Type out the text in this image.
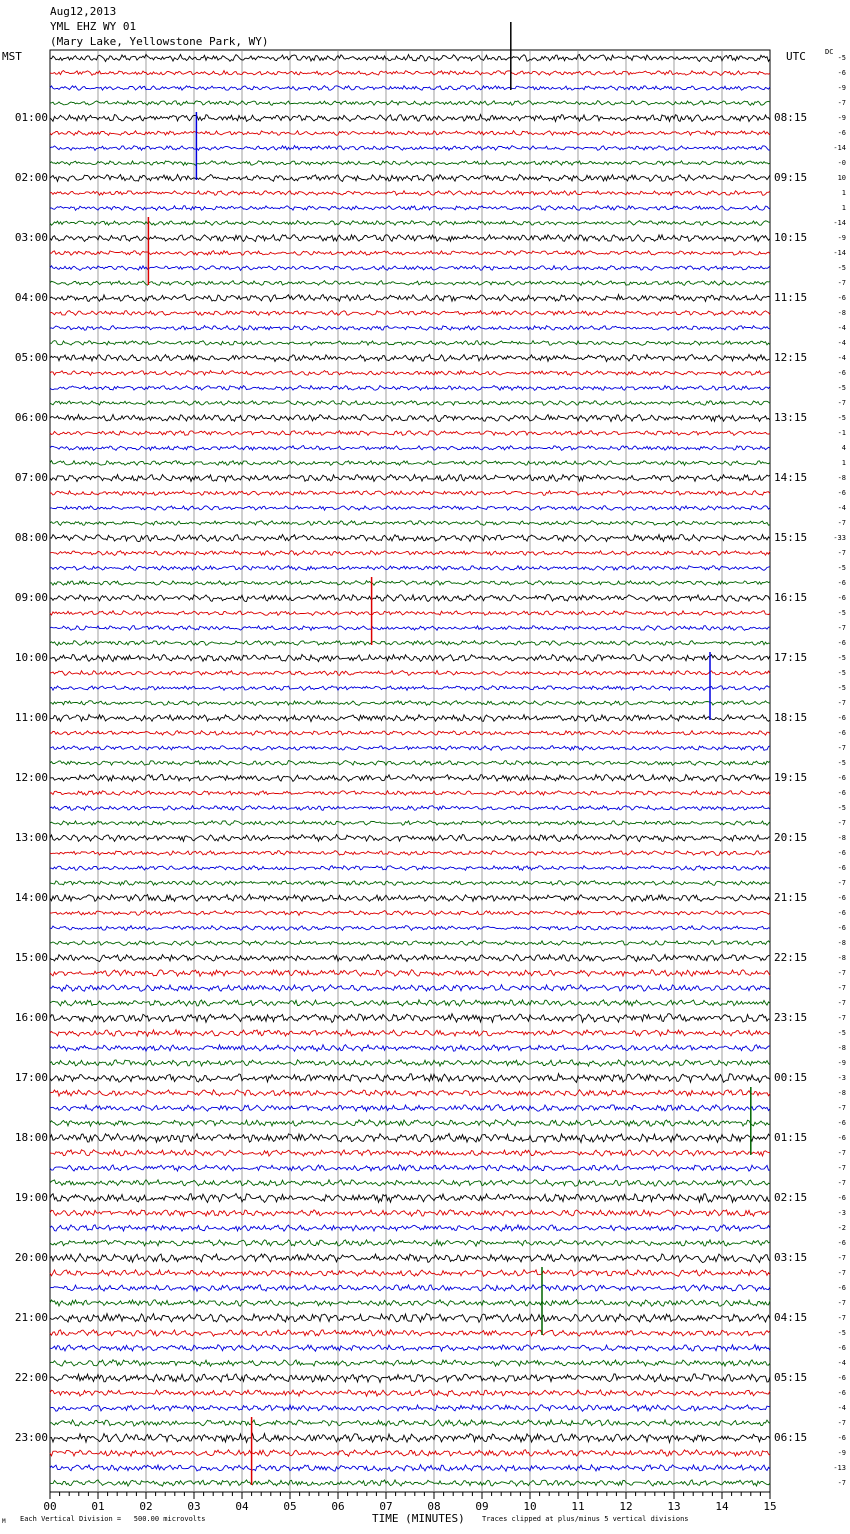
Aug12,2013
YML EHZ WY 01
(Mary Lake, Yellowstone Park, WY)
MST	UTC	DC
01:00
02:00
03:00
04:00
05:00
06:00
07:00
08:00
09:00
10:00
11:00
12:00
13:00
14:00
15:00
16:00
17:00
18:00
19:00
20:00
21:00
22:00
23:00
08:15
09:15
10:15
11:15
12:15
13:15
14:15
15:15
16:15
17:15
18:15
19:15
20:15
21:15
22:15
23:15
00:15
01:15
02:15
03:15
04:15
05:15
06:15
-5
-6
-9
-7
-9
-6
-14
-0
10
1
1
-14
-9
-14
-5
-7
-6
-8
-4
-4
-4
-6
-5
-7
-5
-1
4
1
-8
-6
-4
-7
-33
-7
-5
-6
-6
-5
-7
-6
-5
-5
-5
-7
-6
-6
-7
-5
-6
-6
-5
-7
-8
-6
-6
-7
-6
-6
-6
-8
-8
-7
-7
-7
-7
-5
-8
-9
-3
-8
-7
-6
-6
-7
-7
-7
-6
-3
-2
-6
-7
-7
-6
-7
-7
-5
-6
-4
-6
-6
-4
-7
-6
-9
-13
-7
00	01	02	03	04	05	06	07	08	09	10	11	12	13	14	15
TIME (MINUTES)
Each Vertical Division =   500.00 microvolts	Traces clipped at plus/minus 5 vertical divisions
M
